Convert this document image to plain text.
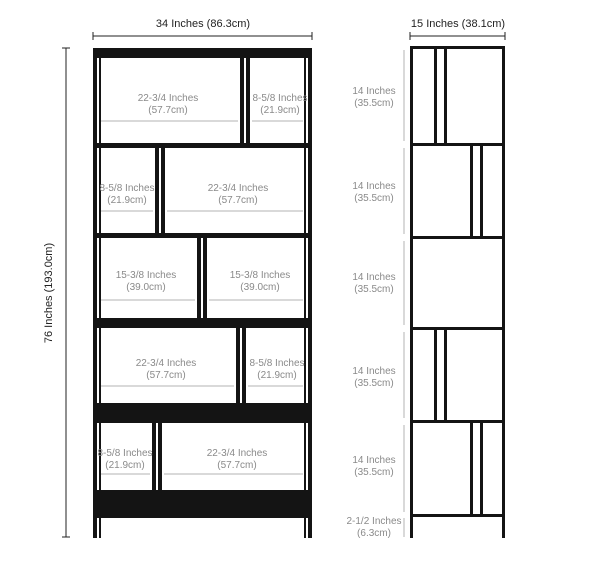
34 Inches (86.3cm)	15 Inches (38.1cm)
76 Inches (193.0cm)
22-3/4 Inches
(57.7cm)
8-5/8 Inches
(21.9cm)
8-5/8 Inches
(21.9cm)
22-3/4 Inches
(57.7cm)
15-3/8 Inches
(39.0cm)
15-3/8 Inches
(39.0cm)
22-3/4 Inches
(57.7cm)
8-5/8 Inches
(21.9cm)
8-5/8 Inches
(21.9cm)
22-3/4 Inches
(57.7cm)
14 Inches
(35.5cm)
14 Inches
(35.5cm)
14 Inches
(35.5cm)
14 Inches
(35.5cm)
14 Inches
(35.5cm)
2-1/2 Inches
(6.3cm)
